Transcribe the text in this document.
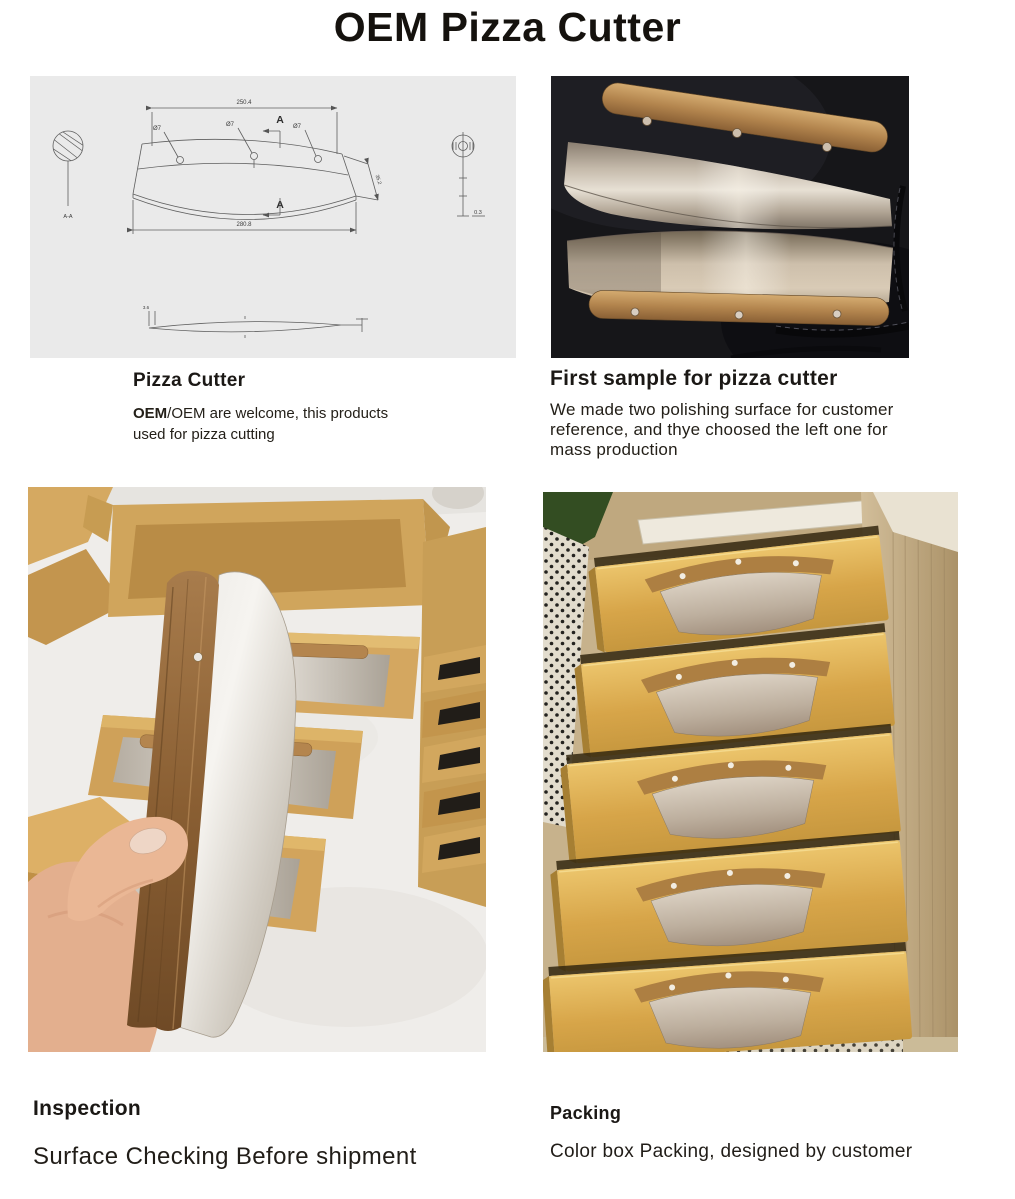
OEM Pizza Cutter
A-A
250.4
Ø7
Ø7	Ø7
A
A
35.2
280.8
0.3
3.6
Pizza Cutter
OEM/OEM are welcome, this products
used for pizza cutting
First sample for pizza cutter
We made two polishing surface for customer
reference, and thye choosed the left one for
mass production
Inspection

Surface Checking Before shipment

Packing

Color box Packing, designed by customer
